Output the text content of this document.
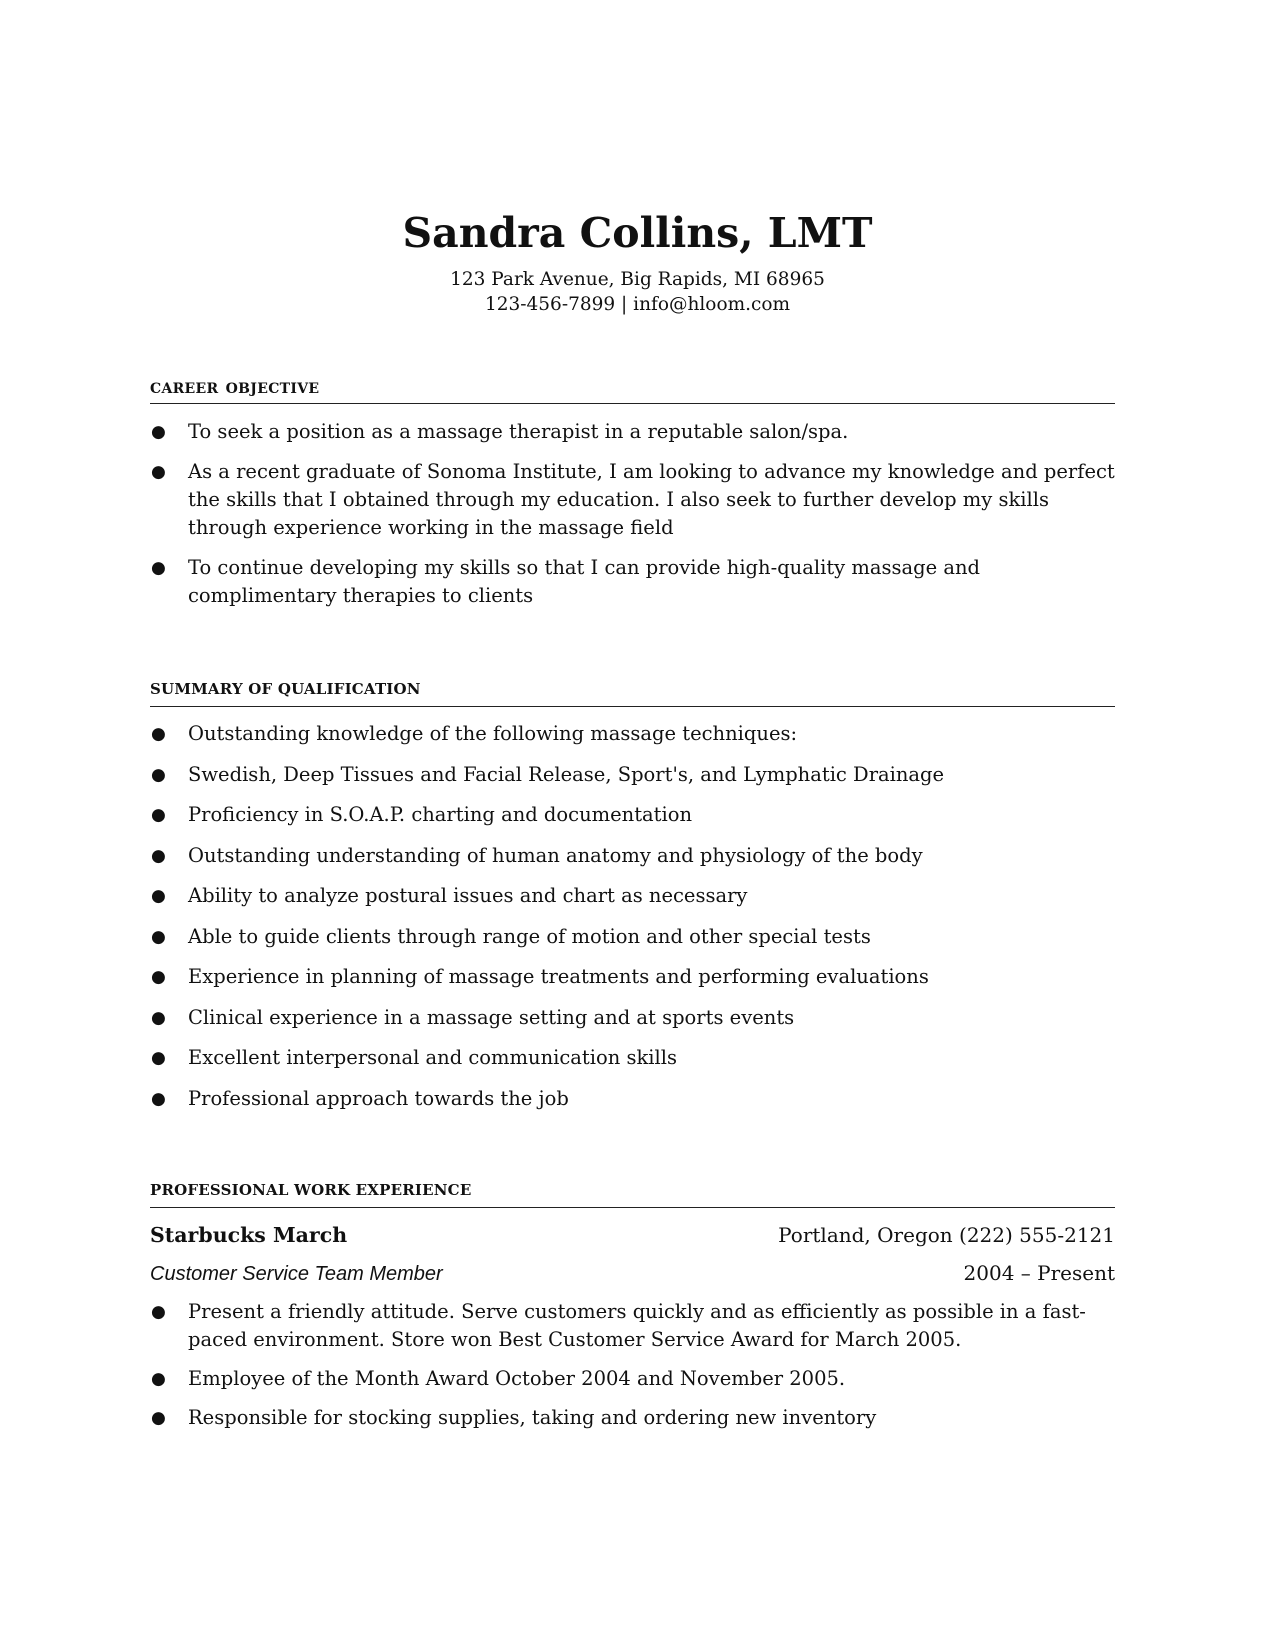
Sandra Collins, LMT

123 Park Avenue, Big Rapids, MI 68965

123-456-7899 | info@hloom.com

career objective
● To seek a position as a massage therapist in a reputable salon/spa.
● As a recent graduate of Sonoma Institute, I am looking to advance my knowledge and perfect the skills that I obtained through my education. I also seek to further develop my skills through experience working in the massage field
● To continue developing my skills so that I can provide high-quality massage and complimentary therapies to clients
SUMMARY OF QUALIFICATION
● Outstanding knowledge of the following massage techniques:
● Swedish, Deep Tissues and Facial Release, Sport's, and Lymphatic Drainage
● Proficiency in S.O.A.P. charting and documentation
● Outstanding understanding of human anatomy and physiology of the body
● Ability to analyze postural issues and chart as necessary
● Able to guide clients through range of motion and other special tests
● Experience in planning of massage treatments and performing evaluations
● Clinical experience in a massage setting and at sports events
● Excellent interpersonal and communication skills
● Professional approach towards the job
PROFESSIONAL WORK EXPERIENCE
Starbucks March	Portland, Oregon (222) 555-2121
Customer Service Team Member	2004 – Present
● Present a friendly attitude. Serve customers quickly and as efficiently as possible in a fast-paced environment. Store won Best Customer Service Award for March 2005.
● Employee of the Month Award October 2004 and November 2005.
● Responsible for stocking supplies, taking and ordering new inventory
